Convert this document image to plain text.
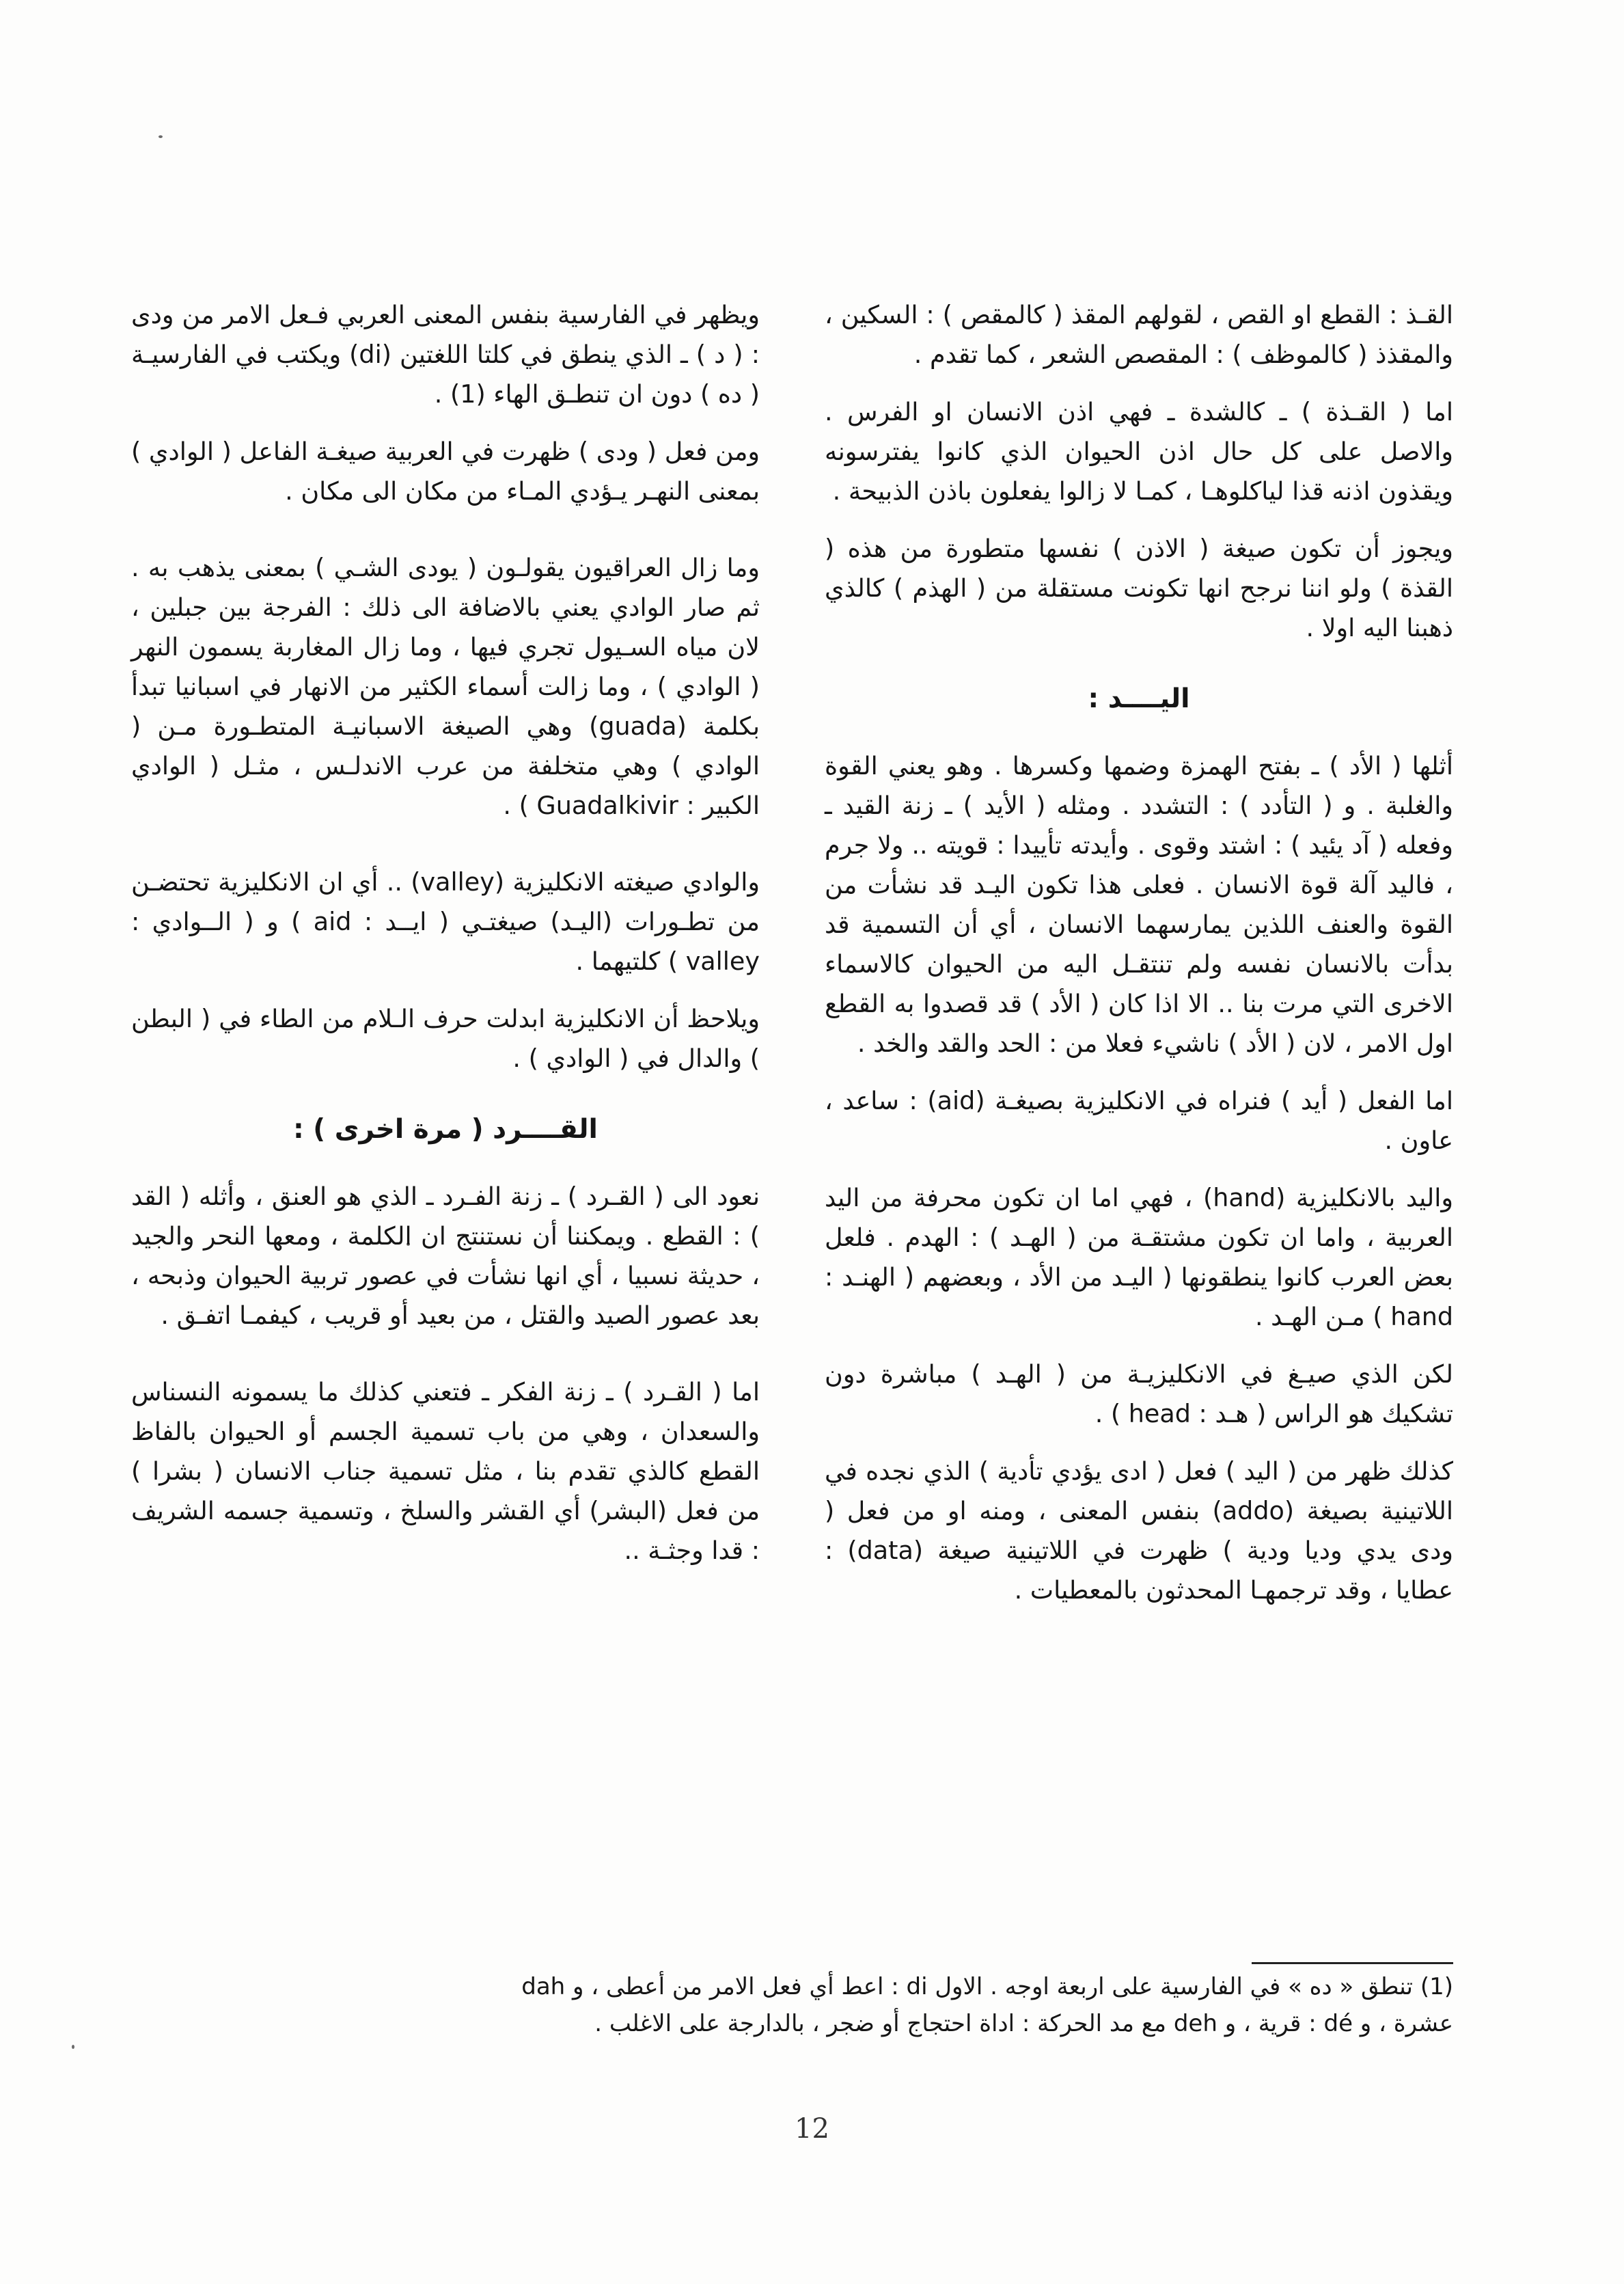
القـذ : القطع او القص ، لقولهم المقذ ( كالمقص ) : السكين ، والمقذذ ( كالموظف ) : المقصص الشعر ، كما تقدم .

اما ( القـذة ) ـ كالشدة ـ فهي اذن الانسان او الفرس . والاصل على كل حال اذن الحيوان الذي كانوا يفترسونه ويقذون اذنه قذا لياكلوهـا ، كمـا لا زالوا يفعلون باذن الذبيحة .

ويجوز أن تكون صيغة ( الاذن ) نفسها متطورة من هذه ( القذة ) ولو اننا نرجح انها تكونت مستقلة من ( الهذم ) كالذي ذهبنا اليه اولا .

اليــــد :

أثلها ( الأد ) ـ بفتح الهمزة وضمها وكسرها . وهو يعني القوة والغلبة . و ( التأدد ) : التشدد . ومثله ( الأيد ) ـ زنة القيد ـ وفعله ( آد يئيد ) : اشتد وقوى . وأيدته تأييدا : قويته .. ولا جرم ، فاليد آلة قوة الانسان . فعلى هذا تكون اليـد قد نشأت من القوة والعنف اللذين يمارسهما الانسان ، أي أن التسمية قد بدأت بالانسان نفسه ولم تنتقـل اليه من الحيوان كالاسماء الاخرى التي مرت بنا .. الا اذا كان ( الأد ) قد قصدوا به القطع اول الامر ، لان ( الأد ) ناشيء فعلا من : الحد والقد والخد .

اما الفعل ( أيد ) فنراه في الانكليزية بصيغـة (aid) : ساعد ، عاون .

واليد بالانكليزية (hand) ، فهي اما ان تكون محرفة من اليد العربية ، واما ان تكون مشتقـة من ( الهـد ) : الهدم . فلعل بعض العرب كانوا ينطقونها ( اليـد من الأد ، وبعضهم ( الهنـد : hand ) مـن الهـد .

لكن الذي صيـغ في الانكليزيـة من ( الهـد ) مباشرة دون تشكيك هو الراس ( هـد : head ) .

كذلك ظهر من ( اليد ) فعل ( ادى يؤدي تأدية ) الذي نجده في اللاتينية بصيغة (addo) بنفس المعنى ، ومنه او من فعل ( ودى يدي وديا ودية ) ظهرت في اللاتينية صيغة (data) : عطايا ، وقد ترجمهـا المحدثون بالمعطيات .

ويظهر في الفارسية بنفس المعنى العربي فـعل الامر من ودى : ( د ) ـ الذي ينطق في كلتا اللغتين (di) ويكتب في الفارسيـة ( ده ) دون ان تنطـق الهاء (1) .

ومن فعل ( ودى ) ظهرت في العربية صيغـة الفاعل ( الوادي ) بمعنى النهـر يـؤدي المـاء من مكان الى مكان .

وما زال العراقيون يقولـون ( يودى الشـي ) بمعنى يذهب به . ثم صار الوادي يعني بالاضافة الى ذلك : الفرجة بين جبلين ، لان مياه السـيول تجري فيها ، وما زال المغاربة يسمون النهر ( الوادي ) ، وما زالت أسماء الكثير من الانهار في اسبانيا تبدأ بكلمة (guada) وهي الصيغة الاسبانيـة المتطـورة مـن ( الوادي ) وهي متخلفة من عرب الاندلـس ، مثـل ( الوادي الكبير : Guadalkivir ) .

والوادي صيغته الانكليزية (valley) .. أي ان الانكليزية تحتضـن من تطـورات (اليـد) صيغتـي ( ايــد : aid ) و ( الــوادي : valley ) كلتيهما .

ويلاحظ أن الانكليزية ابدلت حرف الـلام من الطاء في ( البطن ) والدال في ( الوادي ) .

القــــرد ( مرة اخرى ) :

نعود الى ( القـرد ) ـ زنة الفـرد ـ الذي هو العنق ، وأثله ( القد ) : القطع . ويمكننا أن نستنتج ان الكلمة ، ومعها النحر والجيد ، حديثة نسبيا ، أي انها نشأت في عصور تربية الحيوان وذبحه ، بعد عصور الصيد والقتل ، من بعيد أو قريب ، كيفمـا اتفـق .

اما ( القـرد ) ـ زنة الفكر ـ فتعني كذلك ما يسمونه النسناس والسعدان ، وهي من باب تسمية الجسم أو الحيوان بالفاظ القطع كالذي تقدم بنا ، مثل تسمية جناب الانسان ( بشرا ) من فعل (البشر) أي القشر والسلخ ، وتسمية جسمه الشريف : قدا وجثـة ..

(1) تنطق « ده » في الفارسية على اربعة اوجه . الاول di : اعط أي فعل الامر من أعطى ، و dah

عشرة ، و dé : قرية ، و deh مع مد الحركة : اداة احتجاج أو ضجر ، بالدارجة على الاغلب .

12
